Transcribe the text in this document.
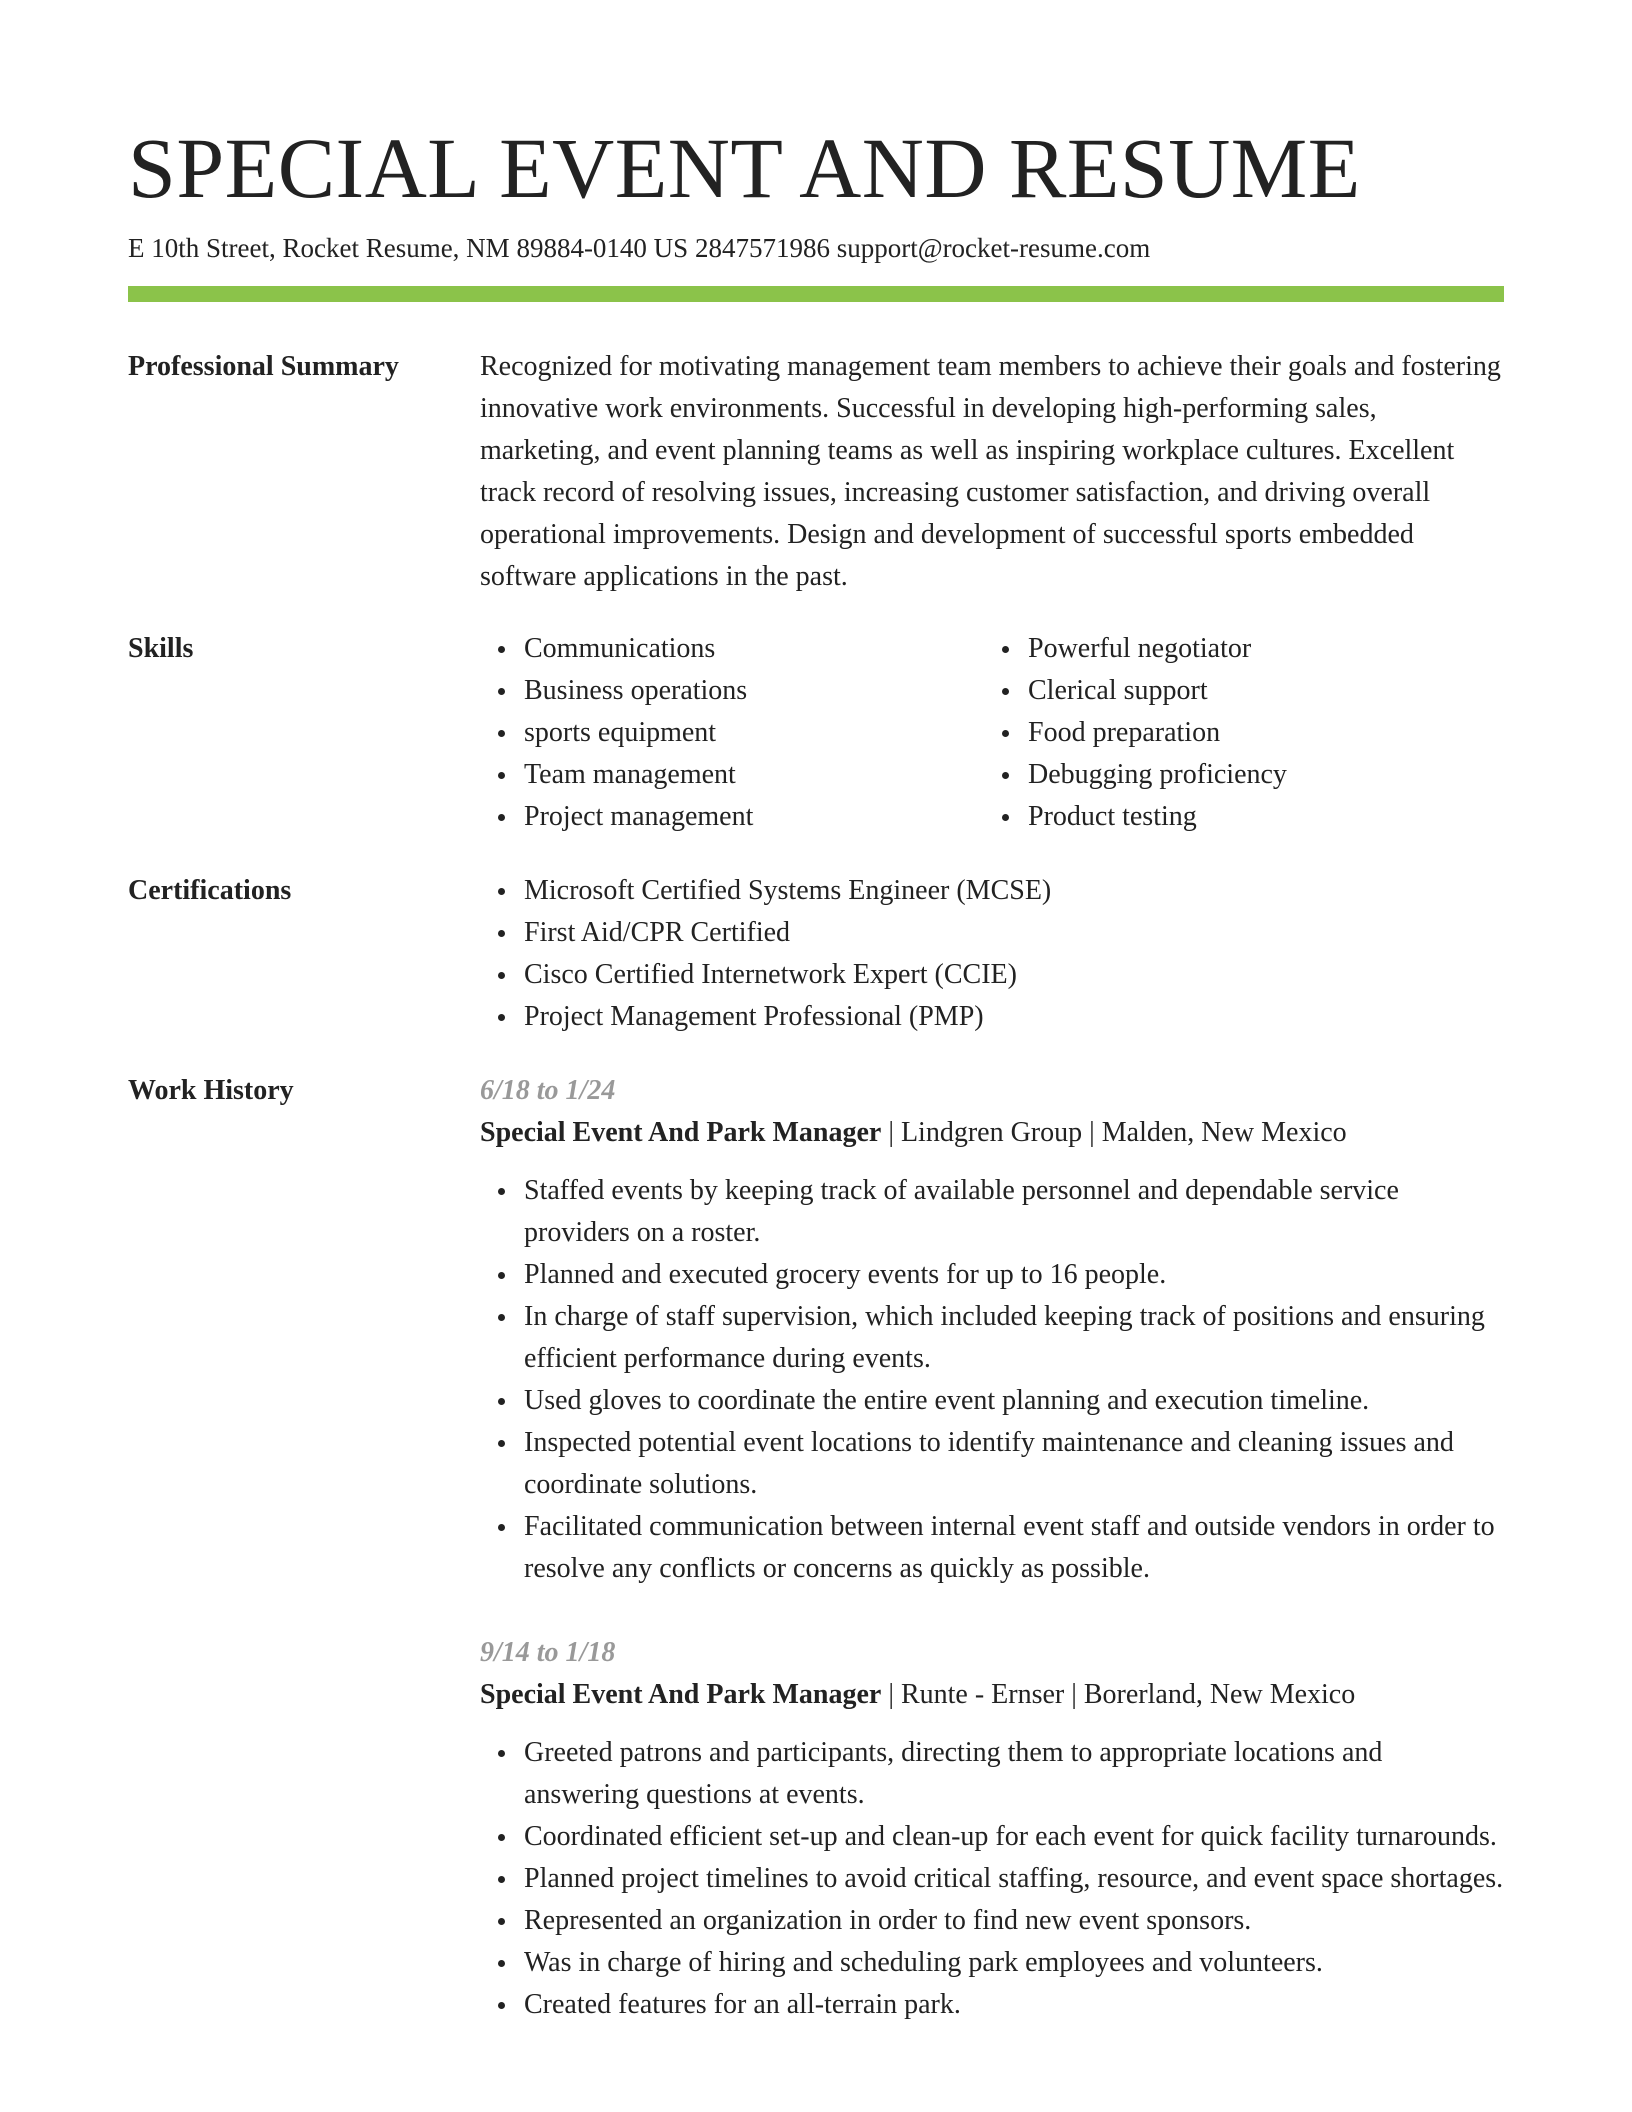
SPECIAL EVENT AND RESUME
E 10th Street, Rocket Resume, NM 89884-0140 US 2847571986 support@rocket-resume.com
Professional Summary	Recognized for motivating management team members to achieve their goals and fostering innovative work environments. Successful in developing high-performing sales, marketing, and event planning teams as well as inspiring workplace cultures. Excellent track record of resolving issues, increasing customer satisfaction, and driving overall operational improvements. Design and development of successful sports embedded software applications in the past.

Skills	Communications
Business operations
sports equipment
Team management
Project management
Powerful negotiator
Clerical support
Food preparation
Debugging proficiency
Product testing
Certifications	Microsoft Certified Systems Engineer (MCSE)
First Aid/CPR Certified
Cisco Certified Internetwork Expert (CCIE)
Project Management Professional (PMP)
Work History	6/18 to 1/24
Special Event And Park Manager | Lindgren Group | Malden, New Mexico
Staffed events by keeping track of available personnel and dependable service providers on a roster.
Planned and executed grocery events for up to 16 people.
In charge of staff supervision, which included keeping track of positions and ensuring efficient performance during events.
Used gloves to coordinate the entire event planning and execution timeline.
Inspected potential event locations to identify maintenance and cleaning issues and coordinate solutions.
Facilitated communication between internal event staff and outside vendors in order to resolve any conflicts or concerns as quickly as possible.
9/14 to 1/18
Special Event And Park Manager | Runte - Ernser | Borerland, New Mexico
Greeted patrons and participants, directing them to appropriate locations and answering questions at events.
Coordinated efficient set-up and clean-up for each event for quick facility turnarounds.
Planned project timelines to avoid critical staffing, resource, and event space shortages.
Represented an organization in order to find new event sponsors.
Was in charge of hiring and scheduling park employees and volunteers.
Created features for an all-terrain park.
